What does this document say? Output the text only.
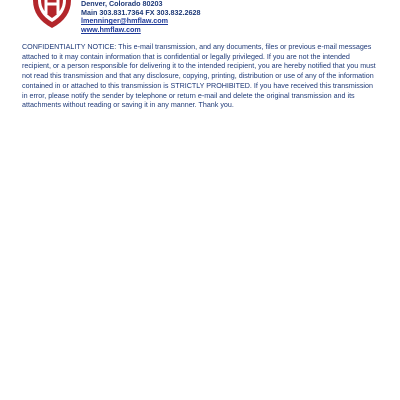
Denver, Colorado 80203
Main 303.831.7364 FX 303.832.2628
lmenninger@hmflaw.com
www.hmflaw.com

CONFIDENTIALITY NOTICE: This e-mail transmission, and any documents, files or previous e-mail messages attached to it may contain information that is confidential or legally privileged. If you are not the intended recipient, or a person responsible for delivering it to the intended recipient, you are hereby notified that you must not read this transmission and that any disclosure, copying, printing, distribution or use of any of the information contained in or attached to this transmission is STRICTLY PROHIBITED. If you have received this transmission in error, please notify the sender by telephone or return e-mail and delete the original transmission and its attachments without reading or saving it in any manner. Thank you.
